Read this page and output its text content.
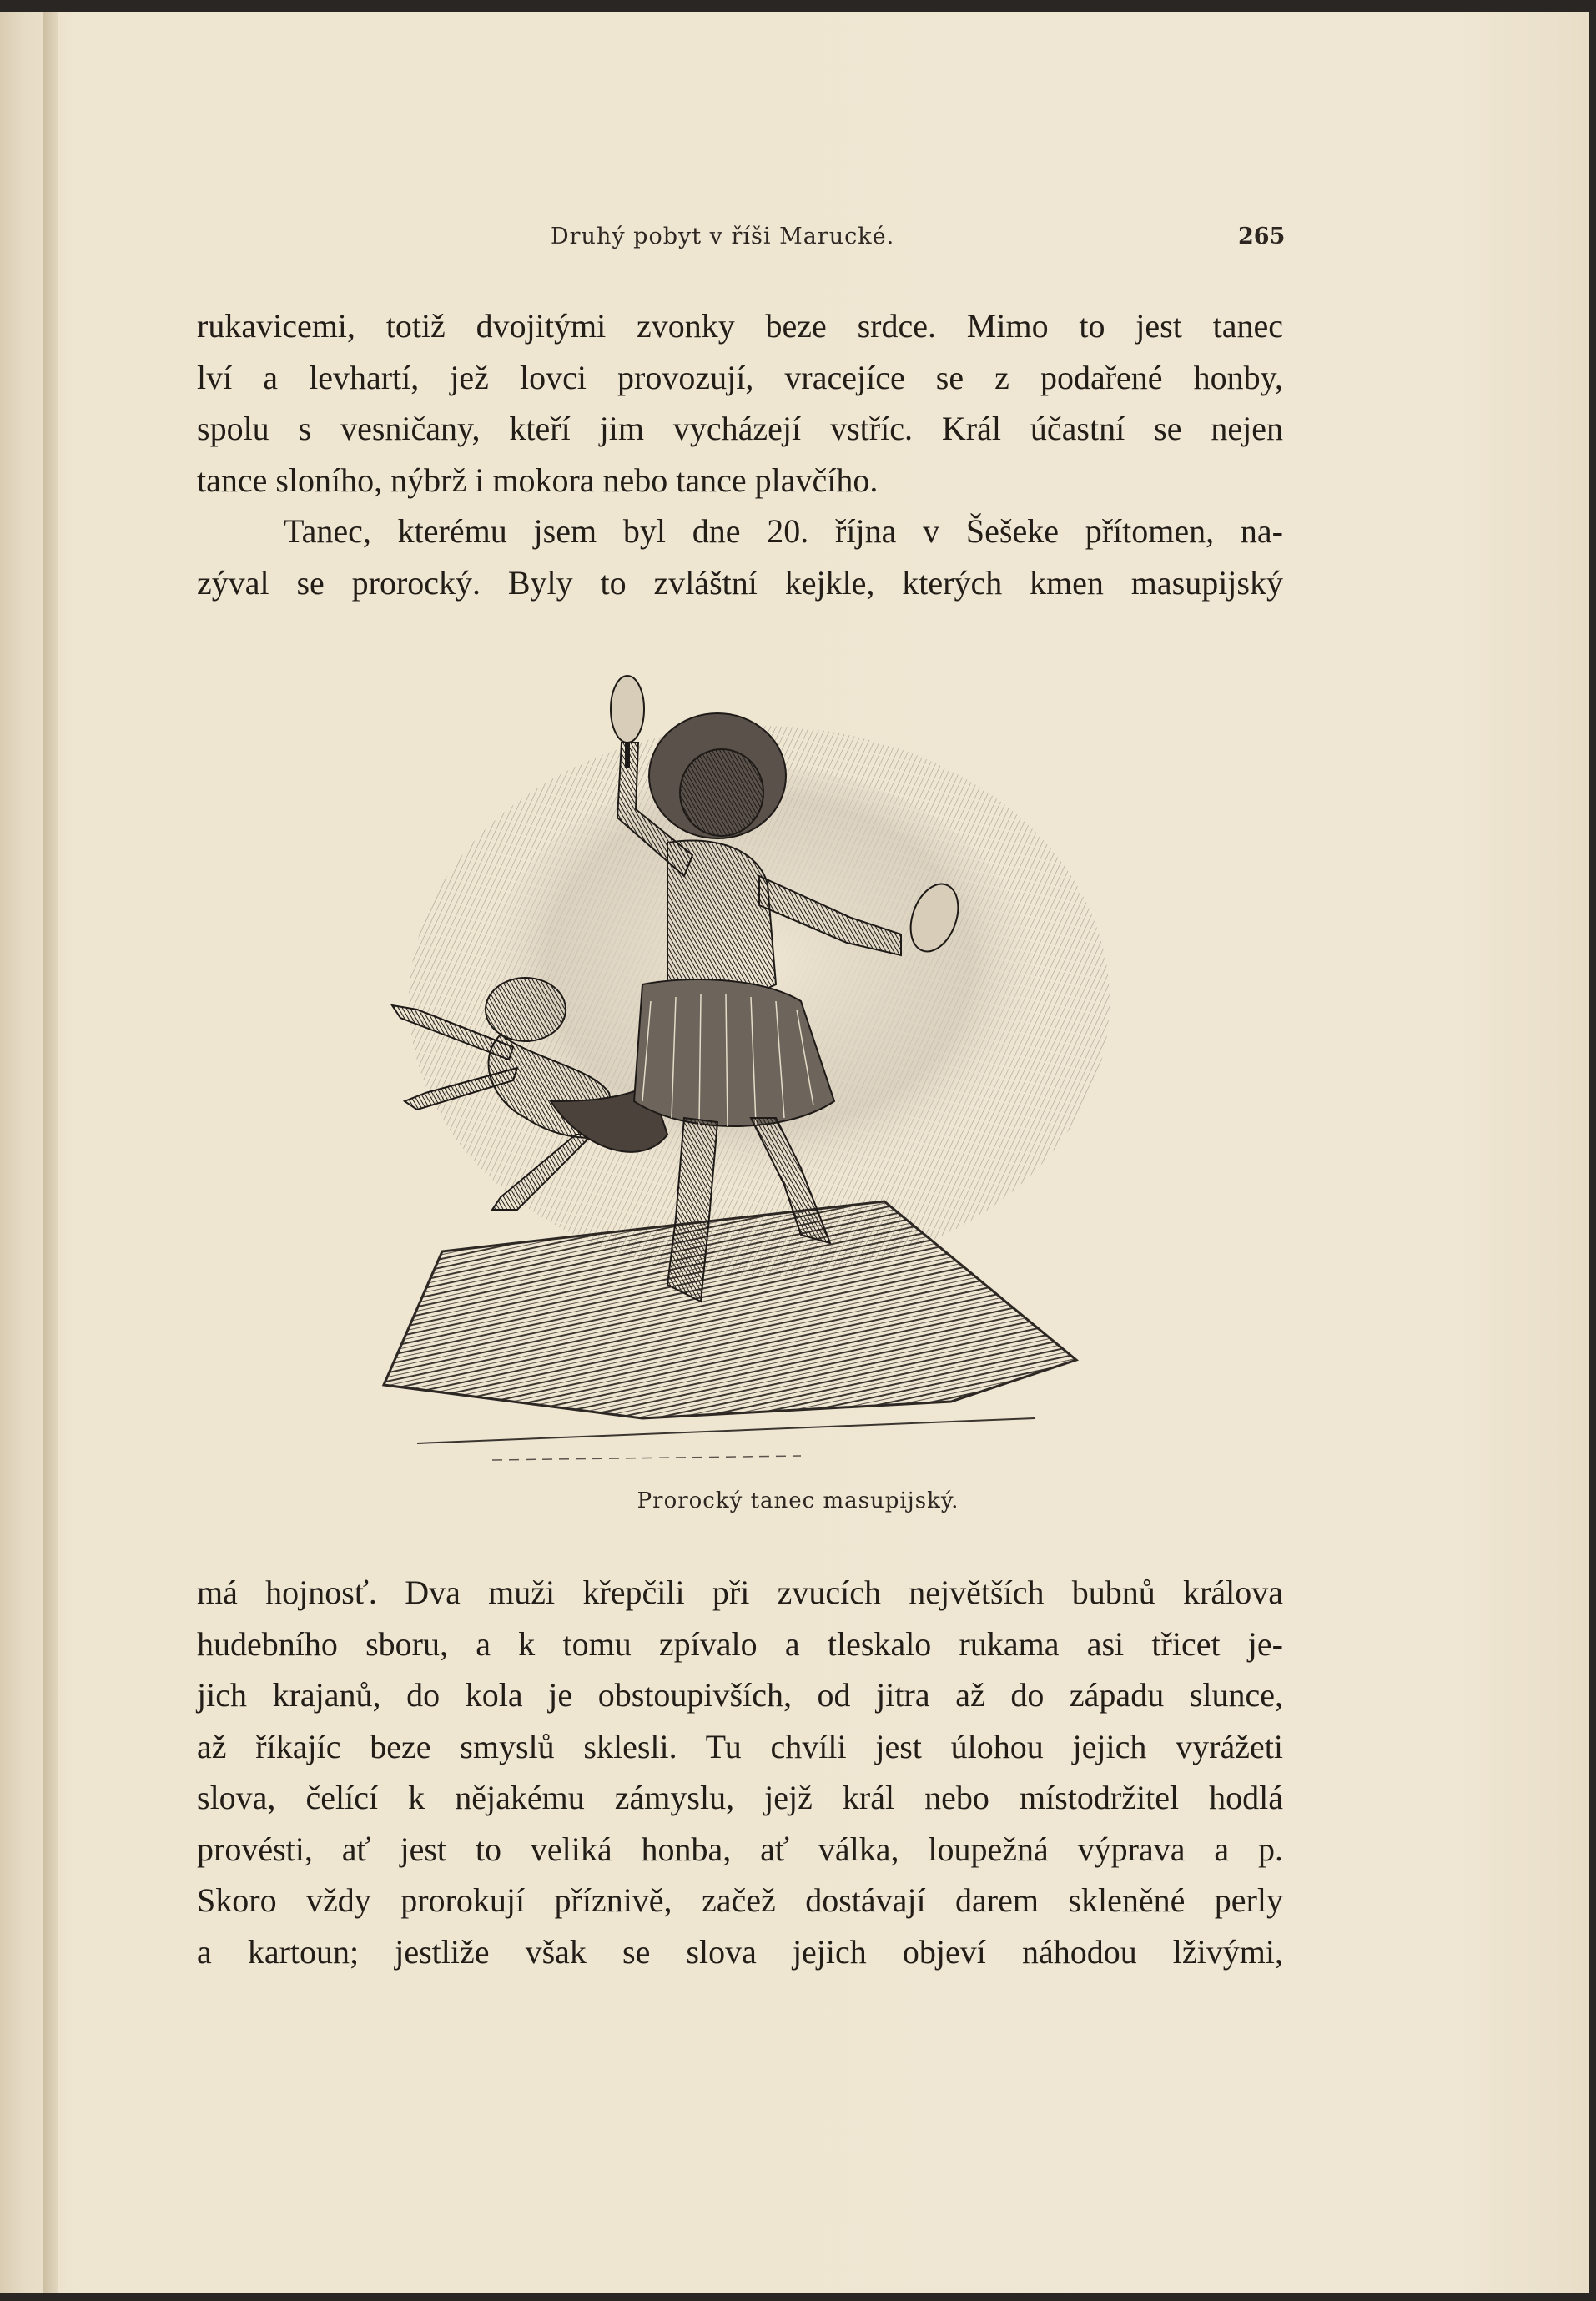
Druhý pobyt v říši Marucké.	265
rukavicemi, totiž dvojitými zvonky beze srdce. Mimo to jest tanec
lví a levhartí, jež lovci provozují, vracejíce se z podařené honby,
spolu s vesničany, kteří jim vycházejí vstříc. Král účastní se nejen
tance sloního, nýbrž i mokora nebo tance plavčího.
Tanec, kterému jsem byl dne 20. října v Šešeke přítomen, na-
zýval se prorocký. Byly to zvláštní kejkle, kterých kmen masupijský
Prorocký tanec masupijský.
má hojnosť. Dva muži křepčili při zvucích největších bubnů králova
hudebního sboru, a k tomu zpívalo a tleskalo rukama asi třicet je-
jich krajanů, do kola je obstoupivších, od jitra až do západu slunce,
až říkajíc beze smyslů sklesli. Tu chvíli jest úlohou jejich vyrážeti
slova, čelící k nějakému zámyslu, jejž král nebo místodržitel hodlá
provésti, ať jest to veliká honba, ať válka, loupežná výprava a p.
Skoro vždy prorokují příznivě, začež dostávají darem skleněné perly
a kartoun; jestliže však se slova jejich objeví náhodou lživými,
